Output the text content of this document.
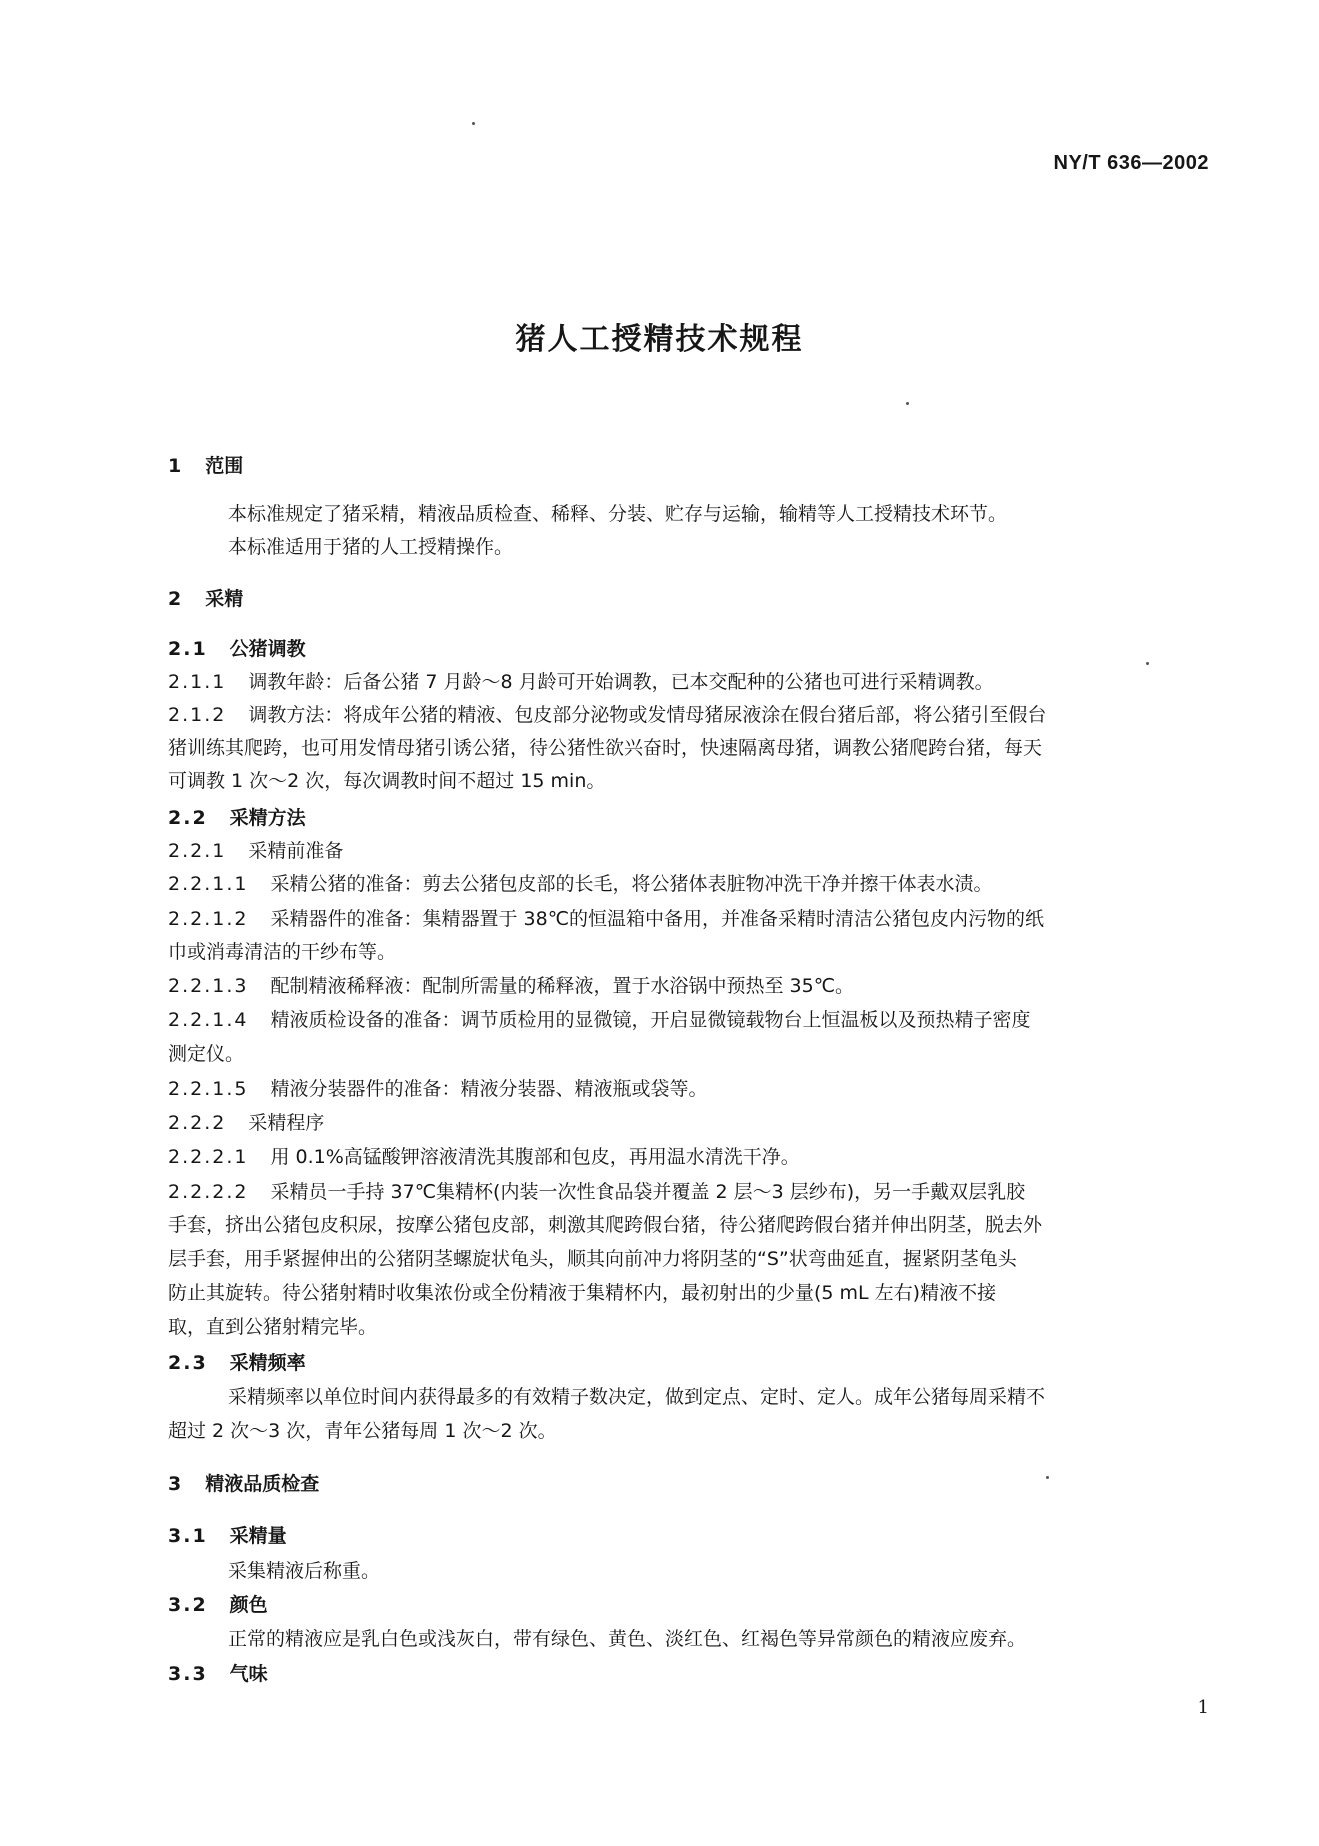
NY/T 636—2002
猪人工授精技术规程
1 范围
本标准规定了猪采精，精液品质检查、稀释、分装、贮存与运输，输精等人工授精技术环节。
本标准适用于猪的人工授精操作。
2 采精
2.1 公猪调教
2.1.1 调教年龄：后备公猪 7 月龄～8 月龄可开始调教，已本交配种的公猪也可进行采精调教。
2.1.2 调教方法：将成年公猪的精液、包皮部分泌物或发情母猪尿液涂在假台猪后部，将公猪引至假台
猪训练其爬跨，也可用发情母猪引诱公猪，待公猪性欲兴奋时，快速隔离母猪，调教公猪爬跨台猪，每天
可调教 1 次～2 次，每次调教时间不超过 15 min。
2.2 采精方法
2.2.1 采精前准备
2.2.1.1 采精公猪的准备：剪去公猪包皮部的长毛，将公猪体表脏物冲洗干净并擦干体表水渍。
2.2.1.2 采精器件的准备：集精器置于 38℃的恒温箱中备用，并准备采精时清洁公猪包皮内污物的纸
巾或消毒清洁的干纱布等。
2.2.1.3 配制精液稀释液：配制所需量的稀释液，置于水浴锅中预热至 35℃。
2.2.1.4 精液质检设备的准备：调节质检用的显微镜，开启显微镜载物台上恒温板以及预热精子密度
测定仪。
2.2.1.5 精液分装器件的准备：精液分装器、精液瓶或袋等。
2.2.2 采精程序
2.2.2.1 用 0.1%高锰酸钾溶液清洗其腹部和包皮，再用温水清洗干净。
2.2.2.2 采精员一手持 37℃集精杯(内装一次性食品袋并覆盖 2 层～3 层纱布)，另一手戴双层乳胶
手套，挤出公猪包皮积尿，按摩公猪包皮部，刺激其爬跨假台猪，待公猪爬跨假台猪并伸出阴茎，脱去外
层手套，用手紧握伸出的公猪阴茎螺旋状龟头，顺其向前冲力将阴茎的“S”状弯曲延直，握紧阴茎龟头
防止其旋转。待公猪射精时收集浓份或全份精液于集精杯内，最初射出的少量(5 mL 左右)精液不接
取，直到公猪射精完毕。
2.3 采精频率
采精频率以单位时间内获得最多的有效精子数决定，做到定点、定时、定人。成年公猪每周采精不
超过 2 次～3 次，青年公猪每周 1 次～2 次。
3 精液品质检查
3.1 采精量
采集精液后称重。
3.2 颜色
正常的精液应是乳白色或浅灰白，带有绿色、黄色、淡红色、红褐色等异常颜色的精液应废弃。
3.3 气味
1
